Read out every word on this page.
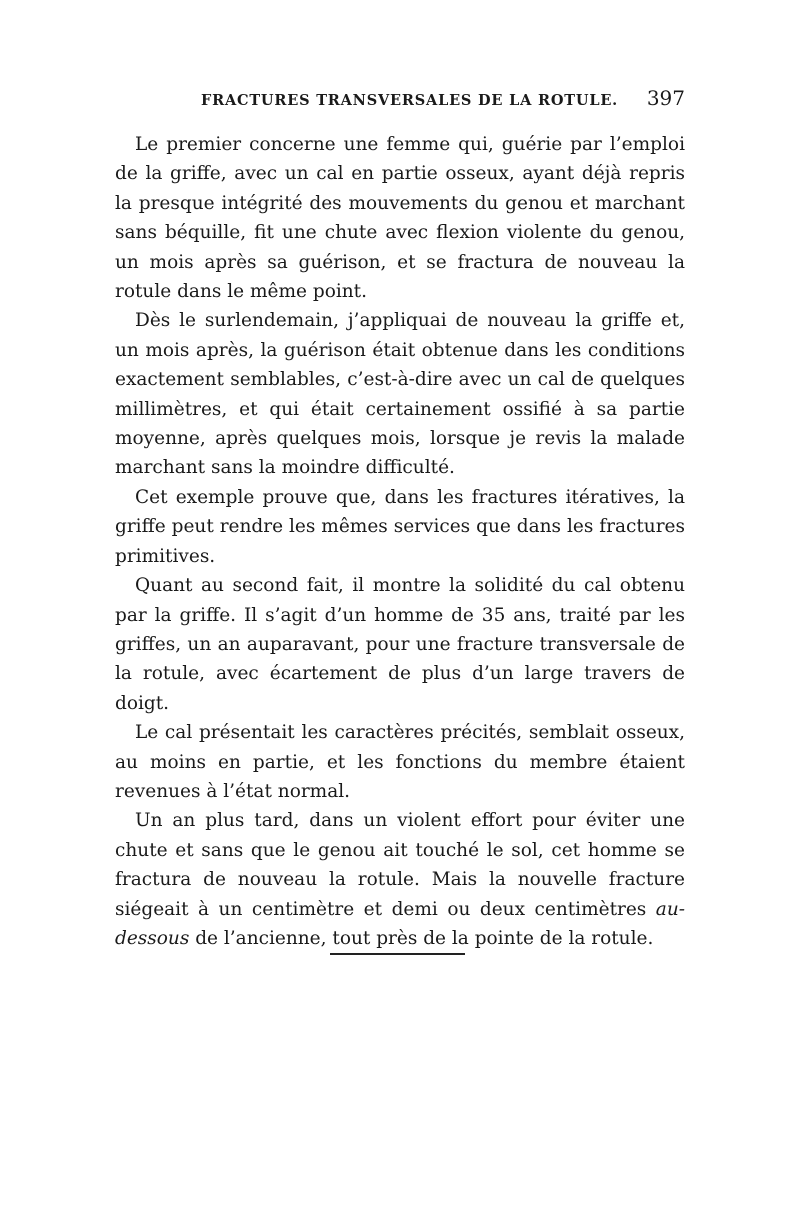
FRACTURES TRANSVERSALES DE LA ROTULE. 397

Le premier concerne une femme qui, guérie par l’emploi de la griffe, avec un cal en partie osseux, ayant déjà repris la presque intégrité des mouvements du genou et marchant sans béquille, fit une chute avec flexion violente du genou, un mois après sa guérison, et se fractura de nouveau la rotule dans le même point.

Dès le surlendemain, j’appliquai de nouveau la griffe et, un mois après, la guérison était obtenue dans les conditions exactement semblables, c’est-à-dire avec un cal de quelques millimètres, et qui était certainement ossifié à sa partie moyenne, après quelques mois, lorsque je revis la malade marchant sans la moindre difficulté.

Cet exemple prouve que, dans les fractures itératives, la griffe peut rendre les mêmes services que dans les fractures primitives.

Quant au second fait, il montre la solidité du cal obtenu par la griffe. Il s’agit d’un homme de 35 ans, traité par les griffes, un an auparavant, pour une fracture transversale de la rotule, avec écartement de plus d’un large travers de doigt.

Le cal présentait les caractères précités, semblait osseux, au moins en partie, et les fonctions du membre étaient revenues à l’état normal.

Un an plus tard, dans un violent effort pour éviter une chute et sans que le genou ait touché le sol, cet homme se fractura de nouveau la rotule. Mais la nouvelle fracture siégeait à un centimètre et demi ou deux centimètres au-dessous de l’ancienne, tout près de la pointe de la rotule.
